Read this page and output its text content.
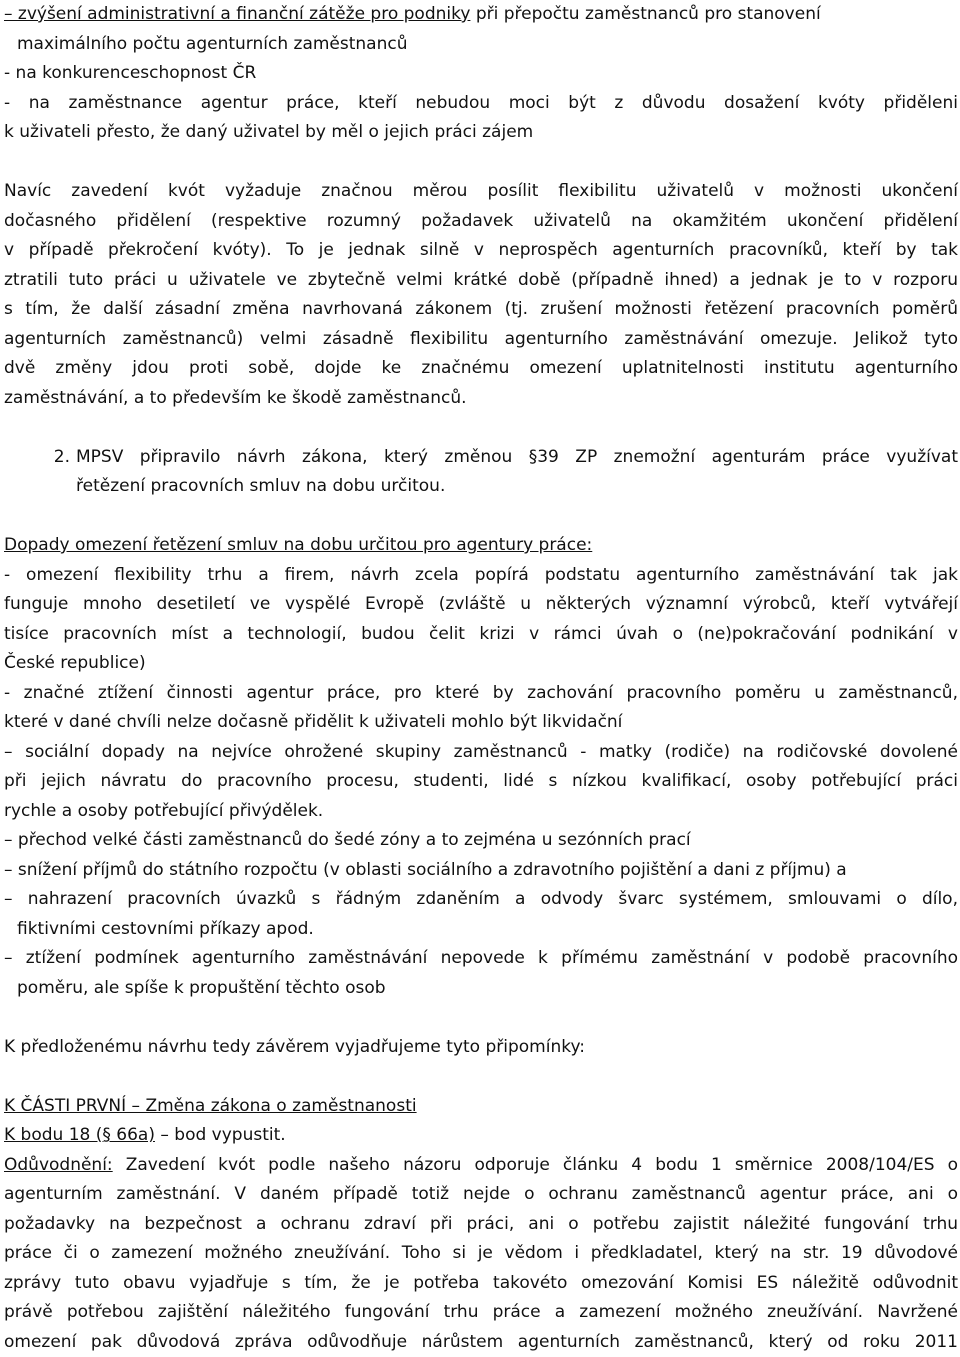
– zvýšení administrativní a finanční zátěže pro podniky při přepočtu zaměstnanců pro stanovení
maximálního počtu agenturních zaměstnanců
- na konkurenceschopnost ČR
- na zaměstnance agentur práce, kteří nebudou moci být z důvodu dosažení kvóty přiděleni
k uživateli přesto, že daný uživatel by měl o jejich práci zájem
Navíc zavedení kvót vyžaduje značnou měrou posílit flexibilitu uživatelů v možnosti ukončení
dočasného přidělení (respektive rozumný požadavek uživatelů na okamžitém ukončení přidělení
v případě překročení kvóty). To je jednak silně v neprospěch agenturních pracovníků, kteří by tak
ztratili tuto práci u uživatele ve zbytečně velmi krátké době (případně ihned) a jednak je to v rozporu
s tím, že další zásadní změna navrhovaná zákonem (tj. zrušení možnosti řetězení pracovních poměrů
agenturních zaměstnanců) velmi zásadně flexibilitu agenturního zaměstnávání omezuje. Jelikož tyto
dvě změny jdou proti sobě, dojde ke značnému omezení uplatnitelnosti institutu agenturního
zaměstnávání, a to především ke škodě zaměstnanců.
2. MPSV připravilo návrh zákona, který změnou §39 ZP znemožní agenturám práce využívat
řetězení pracovních smluv na dobu určitou.
Dopady omezení řetězení smluv na dobu určitou pro agentury práce:
- omezení flexibility trhu a firem, návrh zcela popírá podstatu agenturního zaměstnávání tak jak
funguje mnoho desetiletí ve vyspělé Evropě (zvláště u některých významní výrobců, kteří vytvářejí
tisíce pracovních míst a technologií, budou čelit krizi v rámci úvah o (ne)pokračování podnikání v
České republice)
- značné ztížení činnosti agentur práce, pro které by zachování pracovního poměru u zaměstnanců,
které v dané chvíli nelze dočasně přidělit k uživateli mohlo být likvidační
– sociální dopady na nejvíce ohrožené skupiny zaměstnanců - matky (rodiče) na rodičovské dovolené
při jejich návratu do pracovního procesu, studenti, lidé s nízkou kvalifikací, osoby potřebující práci
rychle a osoby potřebující přivýdělek.
– přechod velké části zaměstnanců do šedé zóny a to zejména u sezónních prací
– snížení příjmů do státního rozpočtu (v oblasti sociálního a zdravotního pojištění a dani z příjmu) a
– nahrazení pracovních úvazků s řádným zdaněním a odvody švarc systémem, smlouvami o dílo,
fiktivními cestovními příkazy apod.
– ztížení podmínek agenturního zaměstnávání nepovede k přímému zaměstnání v podobě pracovního
poměru, ale spíše k propuštění těchto osob
K předloženému návrhu tedy závěrem vyjadřujeme tyto připomínky:
K ČÁSTI PRVNÍ – Změna zákona o zaměstnanosti
K bodu 18 (§ 66a) – bod vypustit.
Odůvodnění: Zavedení kvót podle našeho názoru odporuje článku 4 bodu 1 směrnice 2008/104/ES o
agenturním zaměstnání. V daném případě totiž nejde o ochranu zaměstnanců agentur práce, ani o
požadavky na bezpečnost a ochranu zdraví při práci, ani o potřebu zajistit náležité fungování trhu
práce či o zamezení možného zneužívání. Toho si je vědom i předkladatel, který na str. 19 důvodové
zprávy tuto obavu vyjadřuje s tím, že je potřeba takovéto omezování Komisi ES náležitě odůvodnit
právě potřebou zajištění náležitého fungování trhu práce a zamezení možného zneužívání. Navržené
omezení pak důvodová zpráva odůvodňuje nárůstem agenturních zaměstnanců, který od roku 2011
